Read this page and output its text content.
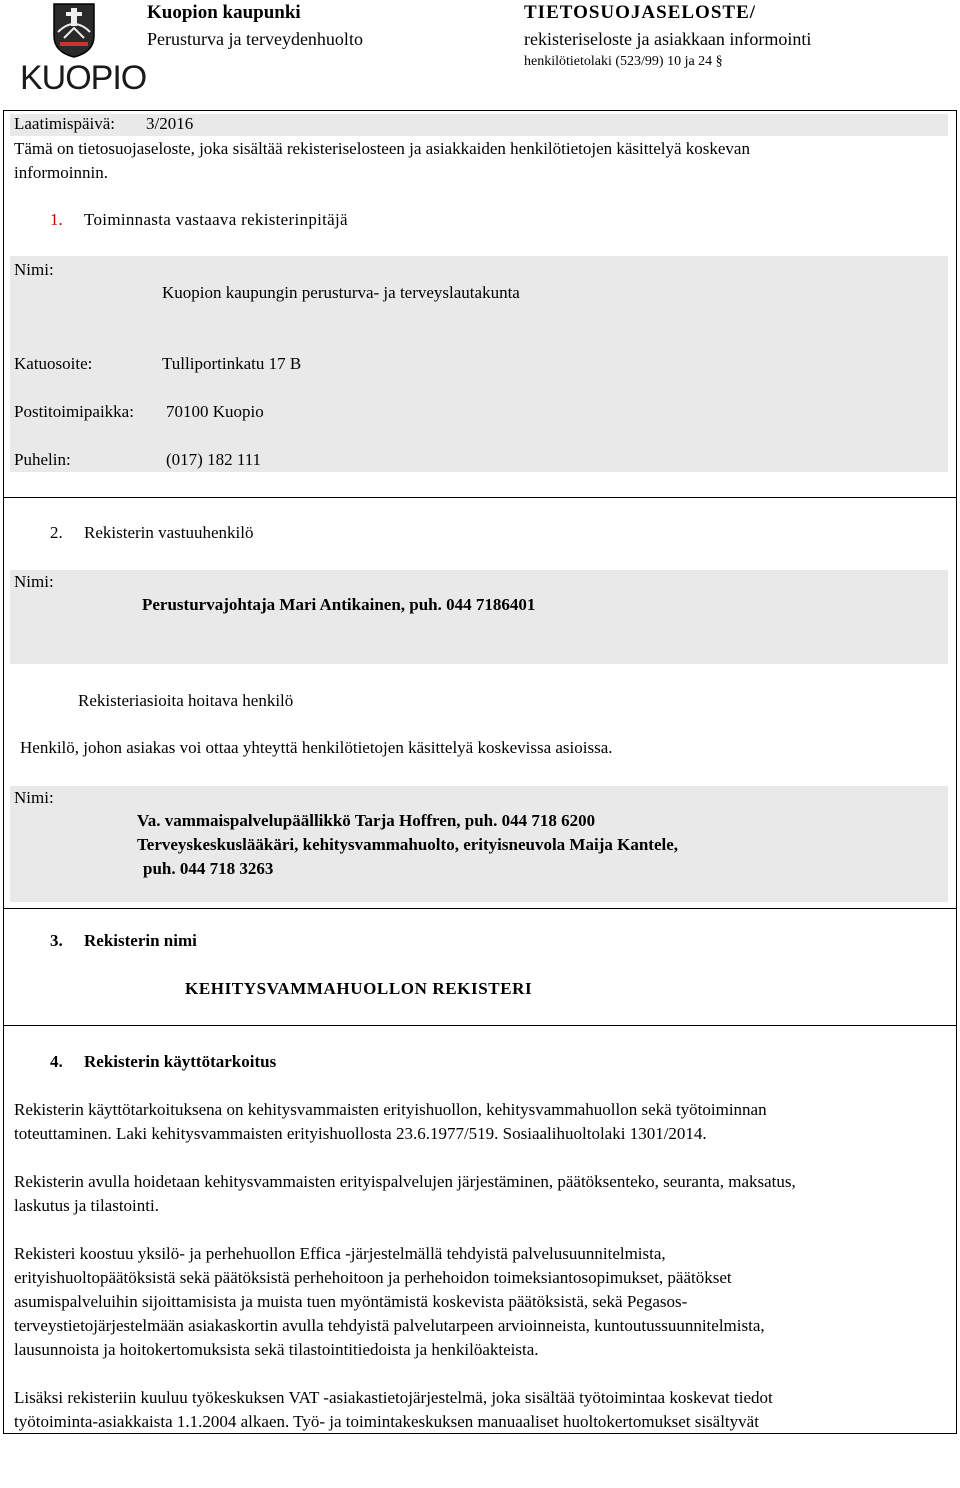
KUOPIO
Kuopion kaupunki
Perusturva ja terveydenhuolto
TIETOSUOJASELOSTE/
rekisteriseloste ja asiakkaan informointi
henkilötietolaki (523/99) 10 ja 24 §
Laatimispäivä: 3/2016
Tämä on tietosuojaseloste, joka sisältää rekisteriselosteen ja asiakkaiden henkilötietojen käsittelyä koskevan
informoinnin.
1. Toiminnasta vastaava rekisterinpitäjä
Nimi:
Kuopion kaupungin perusturva- ja terveyslautakunta
Katuosoite:	Tulliportinkatu 17 B
Postitoimipaikka: 70100 Kuopio
Puhelin:	(017) 182 111
2. Rekisterin vastuuhenkilö
Nimi:
Perusturvajohtaja Mari Antikainen, puh. 044 7186401
Rekisteriasioita hoitava henkilö
Henkilö, johon asiakas voi ottaa yhteyttä henkilötietojen käsittelyä koskevissa asioissa.
Nimi:
Va. vammaispalvelupäällikkö Tarja Hoffren, puh. 044 718 6200
Terveyskeskuslääkäri, kehitysvammahuolto, erityisneuvola Maija Kantele,
puh. 044 718 3263
3. Rekisterin nimi
KEHITYSVAMMAHUOLLON REKISTERI
4. Rekisterin käyttötarkoitus
Rekisterin käyttötarkoituksena on kehitysvammaisten erityishuollon, kehitysvammahuollon sekä työtoiminnan
toteuttaminen. Laki kehitysvammaisten erityishuollosta 23.6.1977/519. Sosiaalihuoltolaki 1301/2014.
Rekisterin avulla hoidetaan kehitysvammaisten erityispalvelujen järjestäminen, päätöksenteko, seuranta, maksatus,
laskutus ja tilastointi.
Rekisteri koostuu yksilö- ja perhehuollon Effica -järjestelmällä tehdyistä palvelusuunnitelmista,
erityishuoltopäätöksistä sekä päätöksistä perhehoitoon ja perhehoidon toimeksiantosopimukset, päätökset
asumispalveluihin sijoittamisista ja muista tuen myöntämistä koskevista päätöksistä, sekä Pegasos-
terveystietojärjestelmään asiakaskortin avulla tehdyistä palvelutarpeen arvioinneista, kuntoutussuunnitelmista,
lausunnoista ja hoitokertomuksista sekä tilastointitiedoista ja henkilöakteista.
Lisäksi rekisteriin kuuluu työkeskuksen VAT -asiakastietojärjestelmä, joka sisältää työtoimintaa koskevat tiedot
työtoiminta-asiakkaista 1.1.2004 alkaen. Työ- ja toimintakeskuksen manuaaliset huoltokertomukset sisältyvät
